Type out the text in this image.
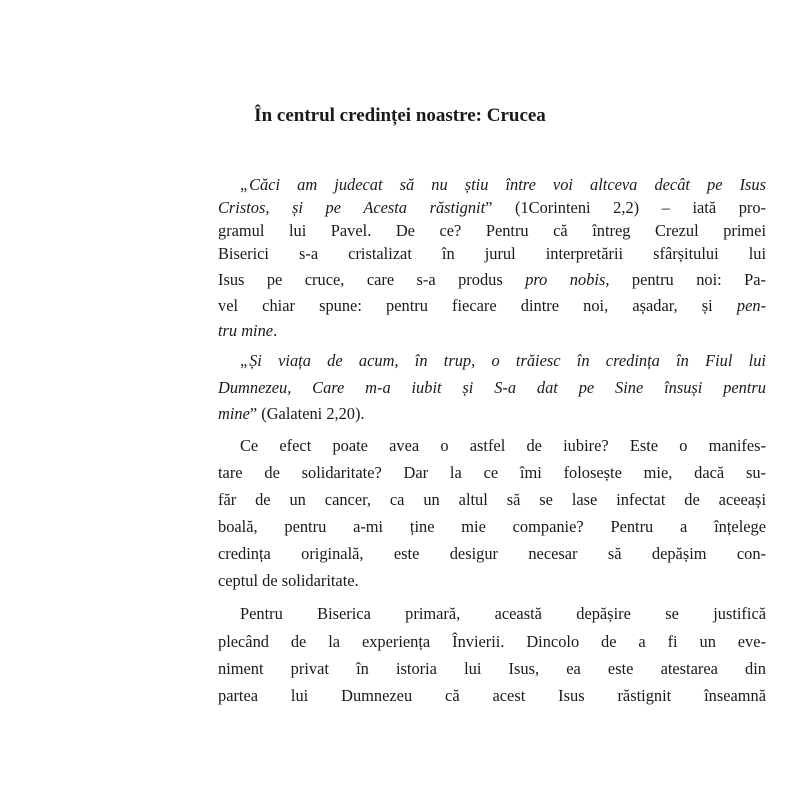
În centrul credinței noastre: Crucea
„Căci am judecat să nu știu între voi altceva decât pe Isus
Cristos, și pe Acesta răstignit” (1Corinteni 2,2) – iată pro-
gramul lui Pavel. De ce? Pentru că întreg Crezul primei
Biserici s-a cristalizat în jurul interpretării sfârșitului lui
Isus pe cruce, care s-a produs pro nobis, pentru noi: Pa-
vel chiar spune: pentru fiecare dintre noi, așadar, și pen-
tru mine.
„Și viața de acum, în trup, o trăiesc în credința în Fiul lui
Dumnezeu, Care m-a iubit și S-a dat pe Sine însuși pentru
mine” (Galateni 2,20).
Ce efect poate avea o astfel de iubire? Este o manifes-
tare de solidaritate? Dar la ce îmi folosește mie, dacă su-
făr de un cancer, ca un altul să se lase infectat de aceeași
boală, pentru a-mi ține mie companie? Pentru a înțelege
credința originală, este desigur necesar să depășim con-
ceptul de solidaritate.
Pentru Biserica primară, această depășire se justifică
plecând de la experiența Învierii. Dincolo de a fi un eve-
niment privat în istoria lui Isus, ea este atestarea din
partea lui Dumnezeu că acest Isus răstignit înseamnă
